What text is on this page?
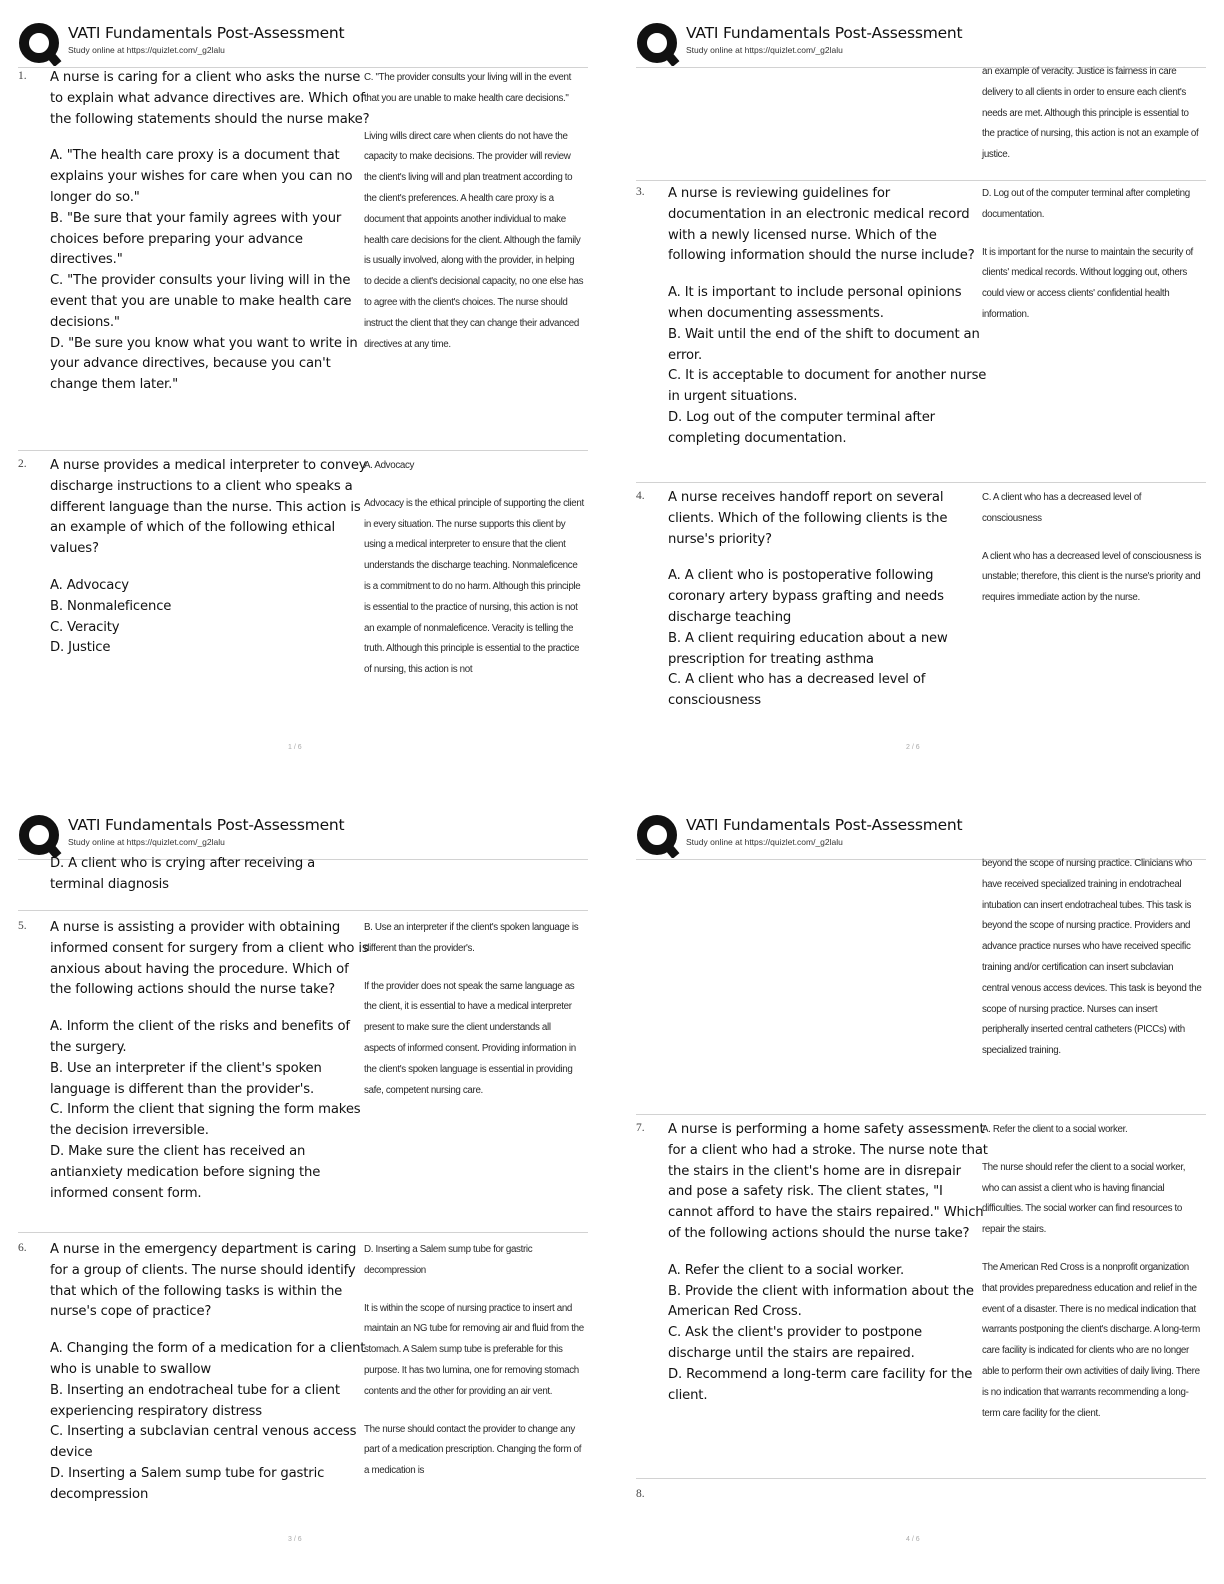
VATI Fundamentals Post-Assessment
Study online at https://quizlet.com/_g2lalu
1. A nurse is caring for a client who asks the nurse to explain what advance directives are. Which of the following statements should the nurse make?

A. "The health care proxy is a document that explains your wishes for care when you can no longer do so."

B. "Be sure that your family agrees with your choices before preparing your advance directives."

C. "The provider consults your living will in the event that you are unable to make health care decisions."

D. "Be sure you know what you want to write in your advance directives, because you can't change them later."

C. "The provider consults your living will in the event that you are unable to make health care decisions."

Living wills direct care when clients do not have the capacity to make decisions. The provider will review the client's living will and plan treatment according to the client's preferences. A health care proxy is a document that appoints another individual to make health care decisions for the client. Although the family is usually involved, along with the provider, in helping to decide a client's decisional capacity, no one else has to agree with the client's choices. The nurse should instruct the client that they can change their advanced directives at any time.

2. A nurse provides a medical interpreter to convey discharge instructions to a client who speaks a different language than the nurse. This action is an example of which of the following ethical values?

A. Advocacy

B. Nonmaleficence

C. Veracity

D. Justice

A. Advocacy

Advocacy is the ethical principle of supporting the client in every situation. The nurse supports this client by using a medical interpreter to ensure that the client understands the discharge teaching. Nonmaleficence is a commitment to do no harm. Although this principle is essential to the practice of nursing, this action is not an example of nonmaleficence. Veracity is telling the truth. Although this principle is essential to the practice of nursing, this action is not

1 / 6
VATI Fundamentals Post-Assessment
Study online at https://quizlet.com/_g2lalu
an example of veracity. Justice is fairness in care delivery to all clients in order to ensure each client's needs are met. Although this principle is essential to the practice of nursing, this action is not an example of justice.
3. A nurse is reviewing guidelines for documentation in an electronic medical record with a newly licensed nurse. Which of the following information should the nurse include?

A. It is important to include personal opinions when documenting assessments.

B. Wait until the end of the shift to document an error.

C. It is acceptable to document for another nurse in urgent situations.

D. Log out of the computer terminal after completing documentation.

D. Log out of the computer terminal after completing documentation.

It is important for the nurse to maintain the security of clients' medical records. Without logging out, others could view or access clients' confidential health information.

4. A nurse receives handoff report on several clients. Which of the following clients is the nurse's priority?

A. A client who is postoperative following coronary artery bypass grafting and needs discharge teaching

B. A client requiring education about a new prescription for treating asthma

C. A client who has a decreased level of consciousness

C. A client who has a decreased level of consciousness

A client who has a decreased level of consciousness is unstable; therefore, this client is the nurse's priority and requires immediate action by the nurse.

2 / 6
VATI Fundamentals Post-Assessment
Study online at https://quizlet.com/_g2lalu
D. A client who is crying after receiving a terminal diagnosis
5. A nurse is assisting a provider with obtaining informed consent for surgery from a client who is anxious about having the procedure. Which of the following actions should the nurse take?

A. Inform the client of the risks and benefits of the surgery.

B. Use an interpreter if the client's spoken language is different than the provider's.

C. Inform the client that signing the form makes the decision irreversible.

D. Make sure the client has received an antianxiety medication before signing the informed consent form.

B. Use an interpreter if the client's spoken language is different than the provider's.

If the provider does not speak the same language as the client, it is essential to have a medical interpreter present to make sure the client understands all aspects of informed consent. Providing information in the client's spoken language is essential in providing safe, competent nursing care.

6. A nurse in the emergency department is caring for a group of clients. The nurse should identify that which of the following tasks is within the nurse's cope of practice?

A. Changing the form of a medication for a client who is unable to swallow

B. Inserting an endotracheal tube for a client experiencing respiratory distress

C. Inserting a subclavian central venous access device

D. Inserting a Salem sump tube for gastric decompression

D. Inserting a Salem sump tube for gastric decompression

It is within the scope of nursing practice to insert and maintain an NG tube for removing air and fluid from the stomach. A Salem sump tube is preferable for this purpose. It has two lumina, one for removing stomach contents and the other for providing an air vent.

The nurse should contact the provider to change any part of a medication prescription. Changing the form of a medication is

3 / 6
VATI Fundamentals Post-Assessment
Study online at https://quizlet.com/_g2lalu
beyond the scope of nursing practice. Clinicians who have received specialized training in endotracheal intubation can insert endotracheal tubes. This task is beyond the scope of nursing practice. Providers and advance practice nurses who have received specific training and/or certification can insert subclavian central venous access devices. This task is beyond the scope of nursing practice. Nurses can insert peripherally inserted central catheters (PICCs) with specialized training.
7. A nurse is performing a home safety assessment for a client who had a stroke. The nurse note that the stairs in the client's home are in disrepair and pose a safety risk. The client states, "I cannot afford to have the stairs repaired." Which of the following actions should the nurse take?

A. Refer the client to a social worker.

B. Provide the client with information about the American Red Cross.

C. Ask the client's provider to postpone discharge until the stairs are repaired.

D. Recommend a long-term care facility for the client.

A. Refer the client to a social worker.

The nurse should refer the client to a social worker, who can assist a client who is having financial difficulties. The social worker can find resources to repair the stairs.

The American Red Cross is a nonprofit organization that provides preparedness education and relief in the event of a disaster. There is no medical indication that warrants postponing the client's discharge. A long-term care facility is indicated for clients who are no longer able to perform their own activities of daily living. There is no indication that warrants recommending a long-term care facility for the client.

8.
4 / 6
